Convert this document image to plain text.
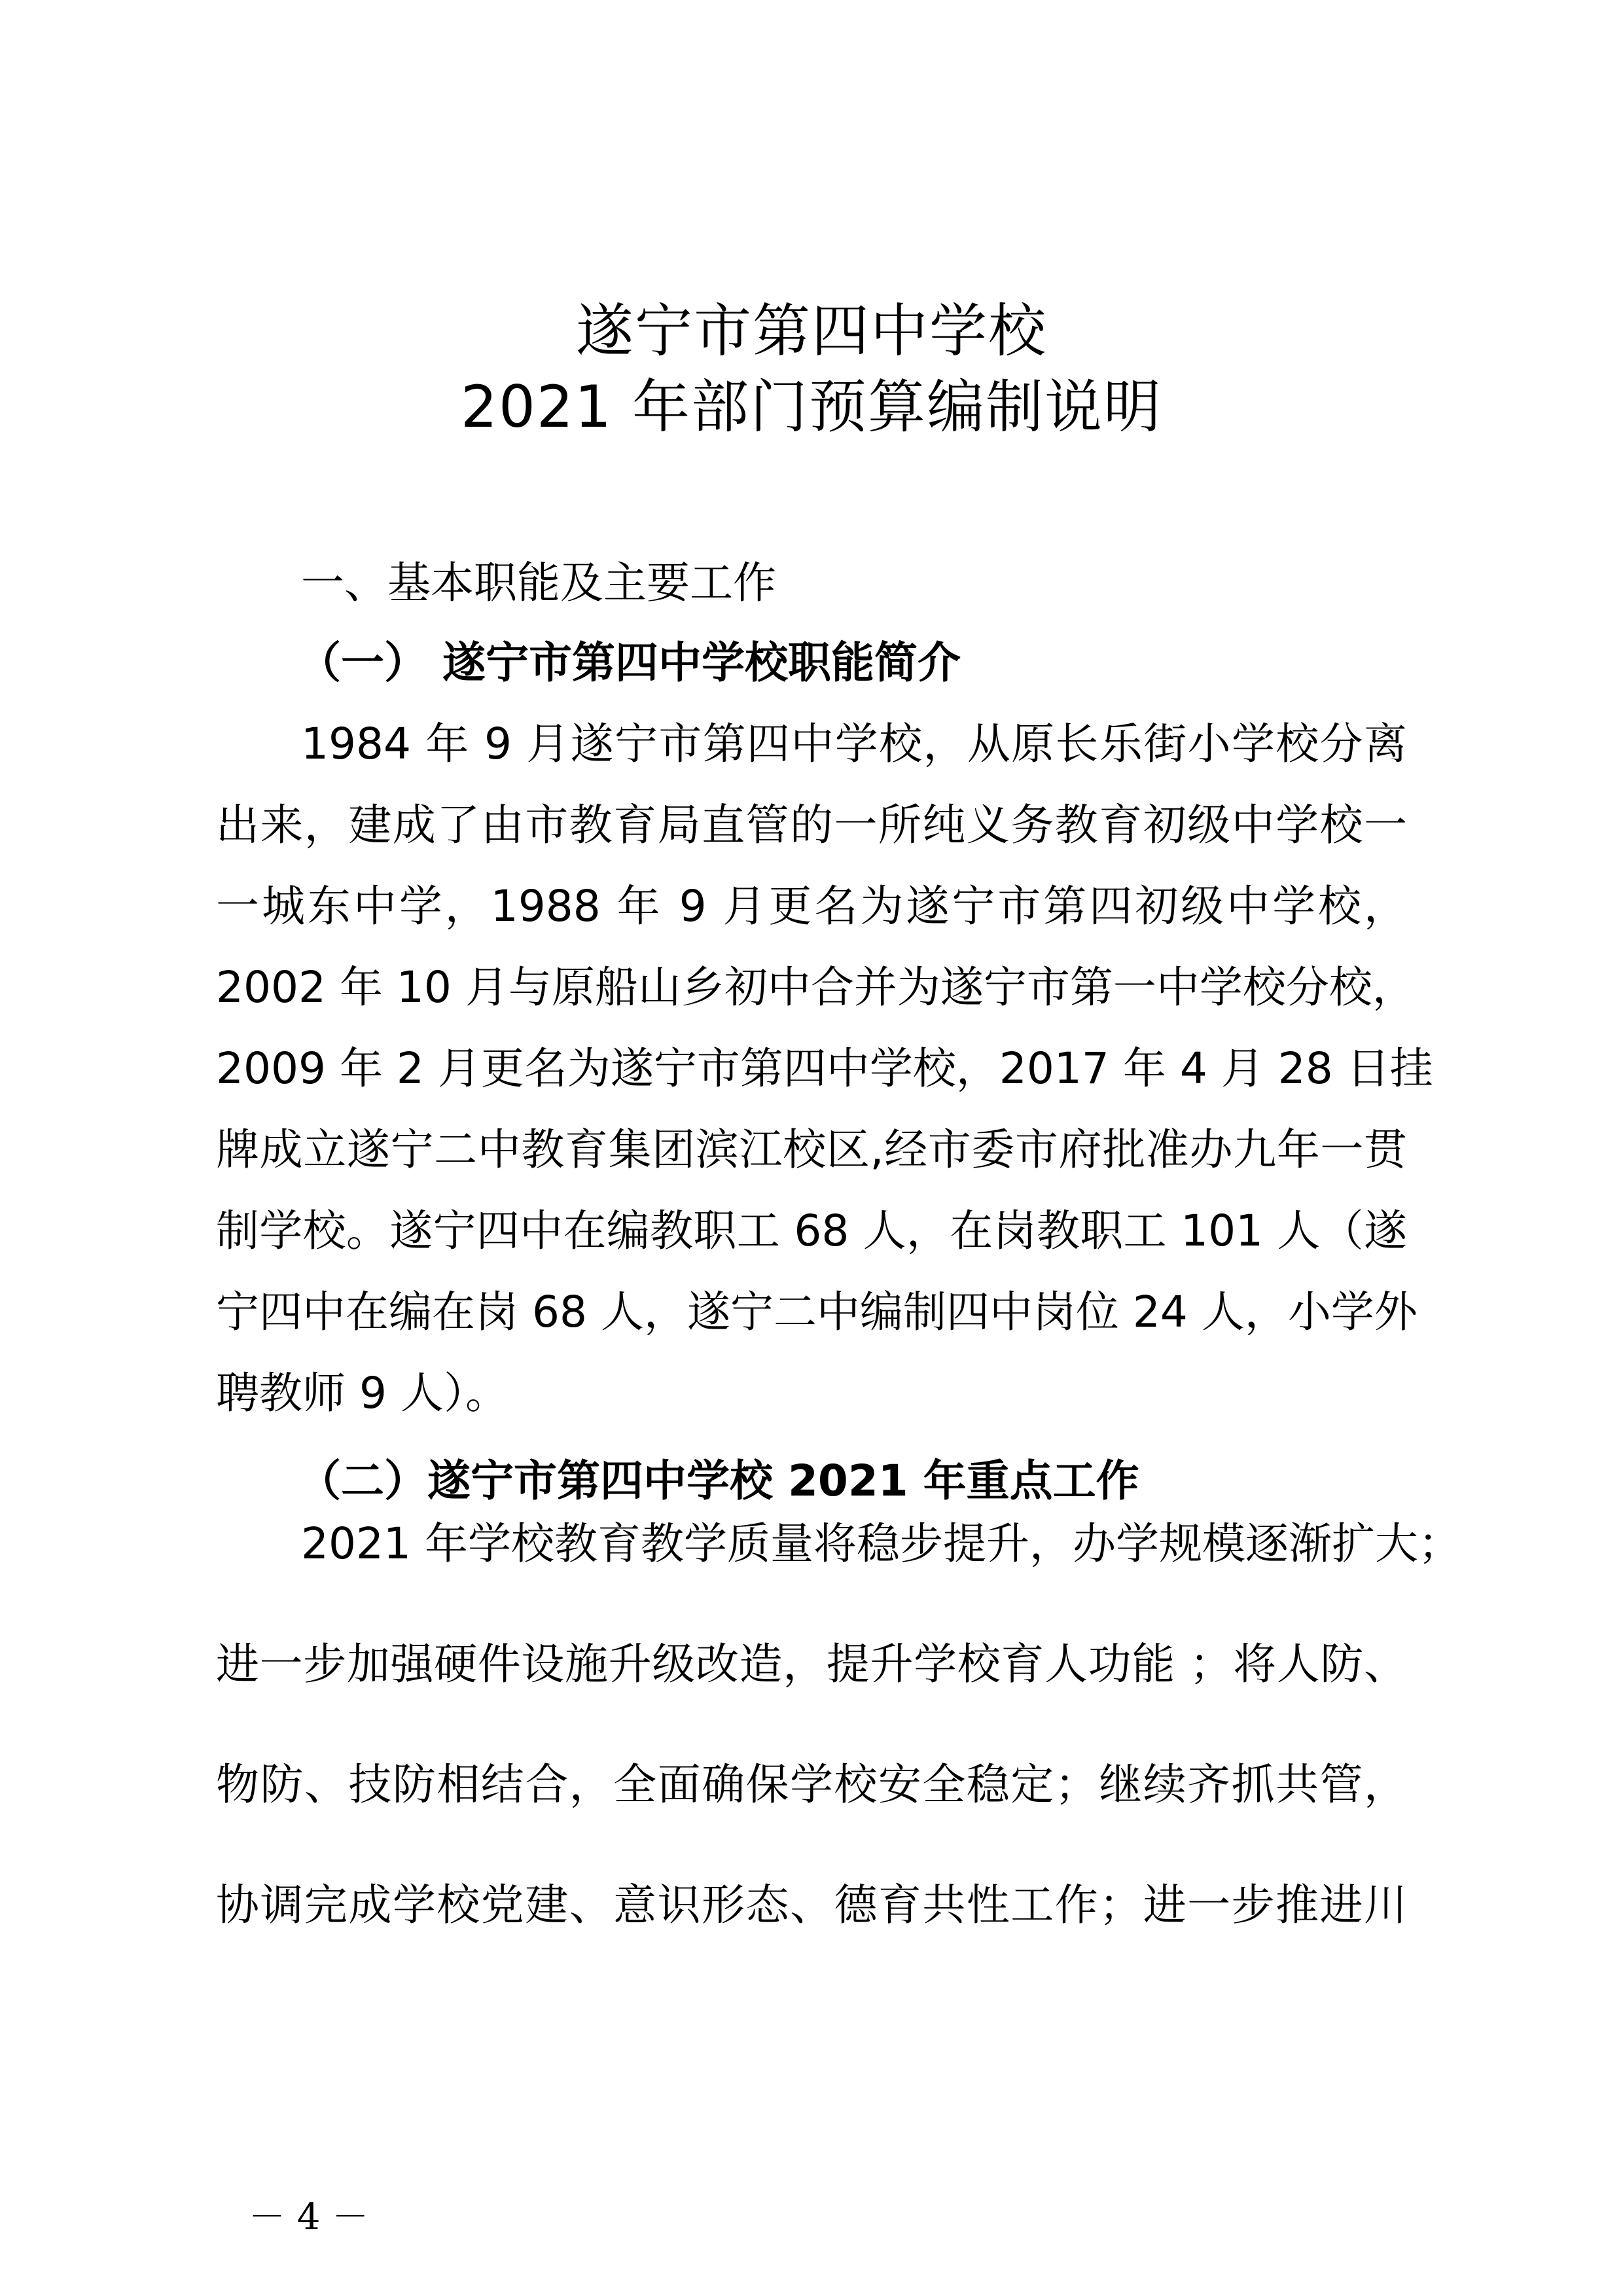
遂宁市第四中学校
2021 年部门预算编制说明
一、基本职能及主要工作
（一） 遂宁市第四中学校职能简介
1984 年 9 月遂宁市第四中学校，从原长乐街小学校分离
出来，建成了由市教育局直管的一所纯义务教育初级中学校一
一城东中学，1988 年 9 月更名为遂宁市第四初级中学校，
2002 年 10 月与原船山乡初中合并为遂宁市第一中学校分校，
2009 年 2 月更名为遂宁市第四中学校，2017 年 4 月 28 日挂
牌成立遂宁二中教育集团滨江校区,经市委市府批准办九年一贯
制学校。遂宁四中在编教职工 68 人，在岗教职工 101 人（遂
宁四中在编在岗 68 人，遂宁二中编制四中岗位 24 人，小学外
聘教师 9 人）。
（二）遂宁市第四中学校 2021 年重点工作
2021 年学校教育教学质量将稳步提升，办学规模逐渐扩大；
进一步加强硬件设施升级改造，提升学校育人功能 ；将人防、
物防、技防相结合，全面确保学校安全稳定；继续齐抓共管，
协调完成学校党建、意识形态、德育共性工作；进一步推进川
－ 4 －
